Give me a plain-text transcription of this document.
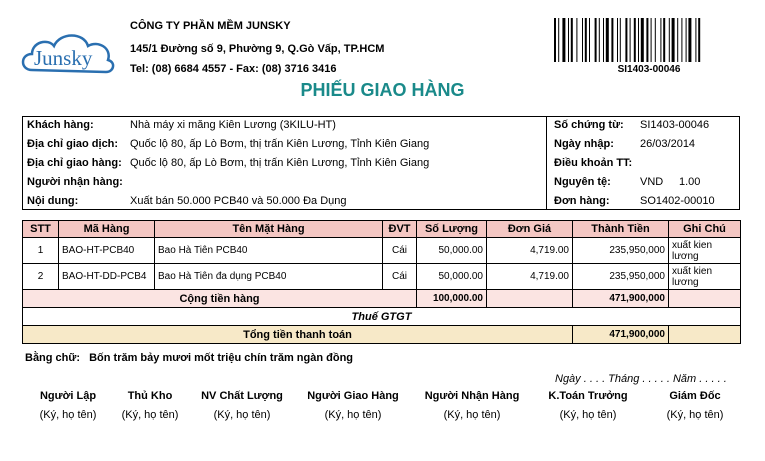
Junsky
CÔNG TY PHẦN MỀM JUNSKY
145/1 Đường số 9, Phường 9, Q.Gò Vấp, TP.HCM
Tel: (08) 6684 4557 - Fax: (08) 3716 3416	SI1403-00046
PHIẾU GIAO HÀNG
Khách hàng:	Nhà máy xi măng Kiên Lương (3KILU-HT)
Địa chỉ giao dịch: Quốc lộ 80, ấp Lò Bơm, thị trấn Kiên Lương, Tỉnh Kiên Giang
Địa chỉ giao hàng: Quốc lộ 80, ấp Lò Bơm, thị trấn Kiên Lương, Tỉnh Kiên Giang
Người nhận hàng:
Nội dung:	Xuất bán 50.000 PCB40 và 50.000 Đa Dụng
Số chứng từ: SI1403-00046
Ngày nhập: 26/03/2014
Điều khoản TT:
Nguyên tệ:	VND 1.00
Đơn hàng:	SO1402-00010
STT	Mã Hàng	Tên Mặt Hàng	ĐVT	Số Lượng	Đơn Giá	Thành Tiền	Ghi Chú
1	BAO-HT-PCB40	Bao Hà Tiên PCB40	Cái	50,000.00	4,719.00	235,950,000	xuất kien lương
2	BAO-HT-DD-PCB4	Bao Hà Tiên đa dụng PCB40	Cái	50,000.00	4,719.00	235,950,000	xuất kien lương
Cộng tiền hàng				100,000.00		471,900,000	
Thuế GTGT							
Tổng tiền thanh toán						471,900,000	
Bằng chữ: Bốn trăm bảy mươi mốt triệu chín trăm ngàn đồng
Ngày . . . . Tháng . . . . . Năm . . . . .
Người Lập
(Ký, họ tên)
Thủ Kho
(Ký, họ tên)
NV Chất Lượng
(Ký, họ tên)
Người Giao Hàng
(Ký, họ tên)
Người Nhận Hàng
(Ký, họ tên)
K.Toán Trưởng
(Ký, họ tên)
Giám Đốc
(Ký, họ tên)
